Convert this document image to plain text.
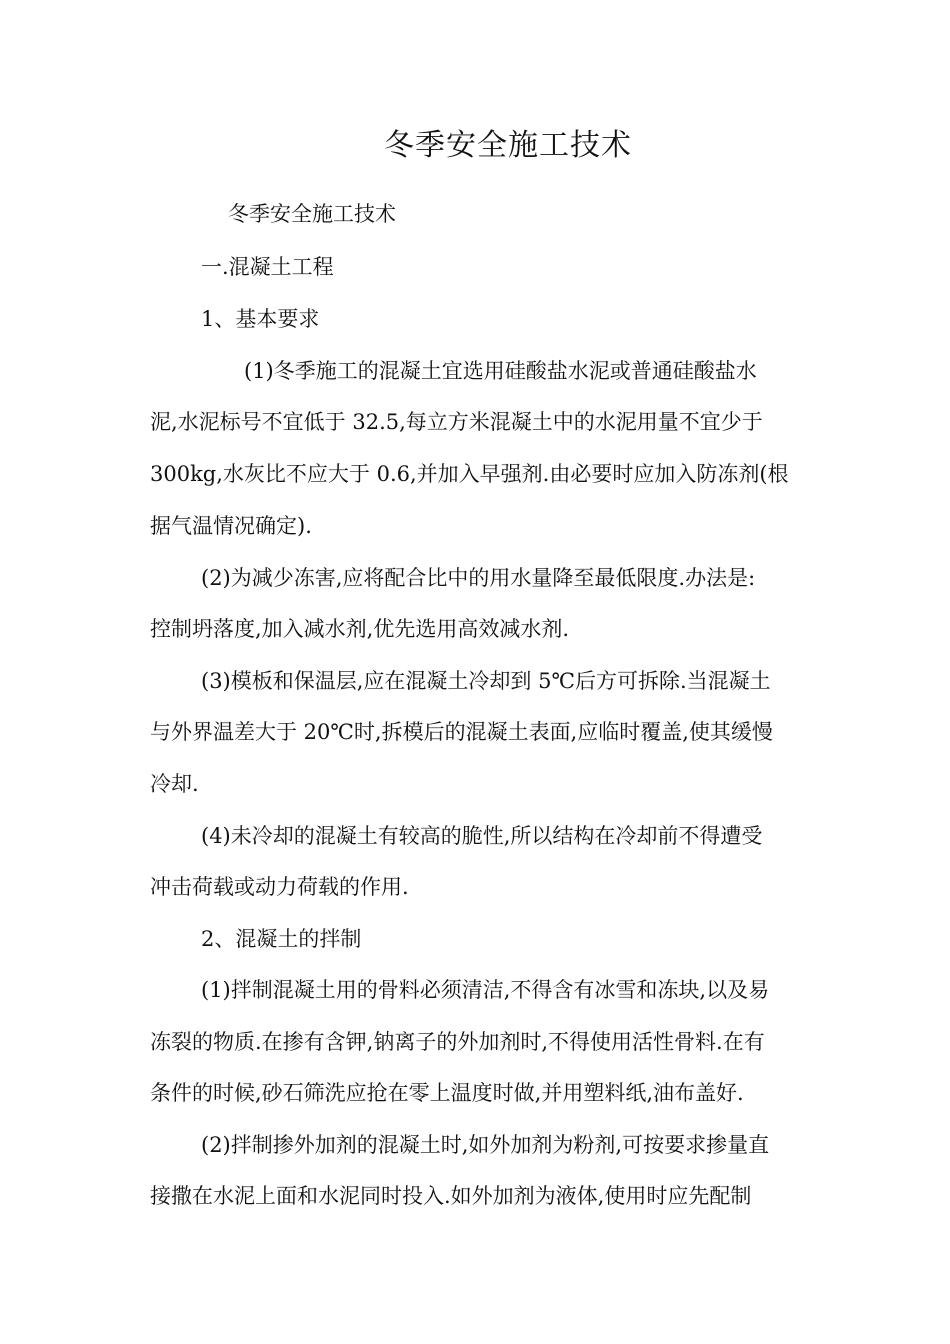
冬季安全施工技术
冬季安全施工技术
一.混凝土工程
1、基本要求
(1)冬季施工的混凝土宜选用硅酸盐水泥或普通硅酸盐水
泥,水泥标号不宜低于 32.5,每立方米混凝土中的水泥用量不宜少于
300kg,水灰比不应大于 0.6,并加入早强剂.由必要时应加入防冻剂(根
据气温情况确定).
(2)为减少冻害,应将配合比中的用水量降至最低限度.办法是:
控制坍落度,加入减水剂,优先选用高效减水剂.
(3)模板和保温层,应在混凝土冷却到 5℃后方可拆除.当混凝土
与外界温差大于 20℃时,拆模后的混凝土表面,应临时覆盖,使其缓慢
冷却.
(4)未冷却的混凝土有较高的脆性,所以结构在冷却前不得遭受
冲击荷载或动力荷载的作用.
2、混凝土的拌制
(1)拌制混凝土用的骨料必须清洁,不得含有冰雪和冻块,以及易
冻裂的物质.在掺有含钾,钠离子的外加剂时,不得使用活性骨料.在有
条件的时候,砂石筛洗应抢在零上温度时做,并用塑料纸,油布盖好.
(2)拌制掺外加剂的混凝土时,如外加剂为粉剂,可按要求掺量直
接撒在水泥上面和水泥同时投入.如外加剂为液体,使用时应先配制
